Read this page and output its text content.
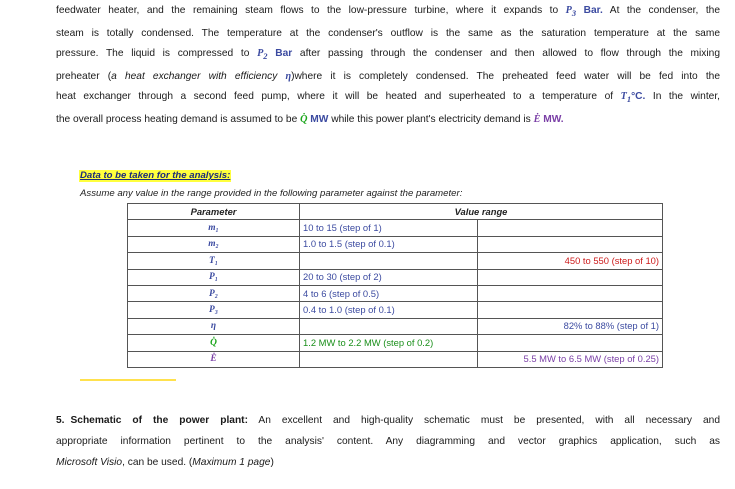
feedwater heater, and the remaining steam flows to the low-pressure turbine, where it expands to $P_3$ Bar. At the condenser, the
steam is totally condensed. The temperature at the condenser's outflow is the same as the saturation temperature at the same
pressure. The liquid is compressed to $P_2$ Bar after passing through the condenser and then allowed to flow through the mixing
preheater (a heat exchanger with efficiency η)where it is completely condensed. The preheated feed water will be fed into the
heat exchanger through a second feed pump, where it will be heated and superheated to a temperature of $T_1^\circ C$. In the winter,
the overall process heating demand is assumed to be Q̇ MW while this power plant's electricity demand is Ė MW.
Data to be taken for the analysis:
Assume any value in the range provided in the following parameter against the parameter:
Parameter	Value range	
m₁	10 to 15 (step of 1)	
m₂	1.0 to 1.5 (step of 0.1)	
T₁		450 to 550 (step of 10)
P₁	20 to 30 (step of 2)	
P₂	4 to 6 (step of 0.5)	
P₃	0.4 to 1.0 (step of 0.1)	
η		82% to 88% (step of 1)
Q̇	1.2 MW to 2.2 MW (step of 0.2)	
Ė		5.5 MW to 6.5 MW (step of 0.25)
5. Schematic of the power plant: An excellent and high-quality schematic must be presented, with all necessary and
appropriate information pertinent to the analysis' content. Any diagramming and vector graphics application, such as
Microsoft Visio, can be used. (Maximum 1 page)
